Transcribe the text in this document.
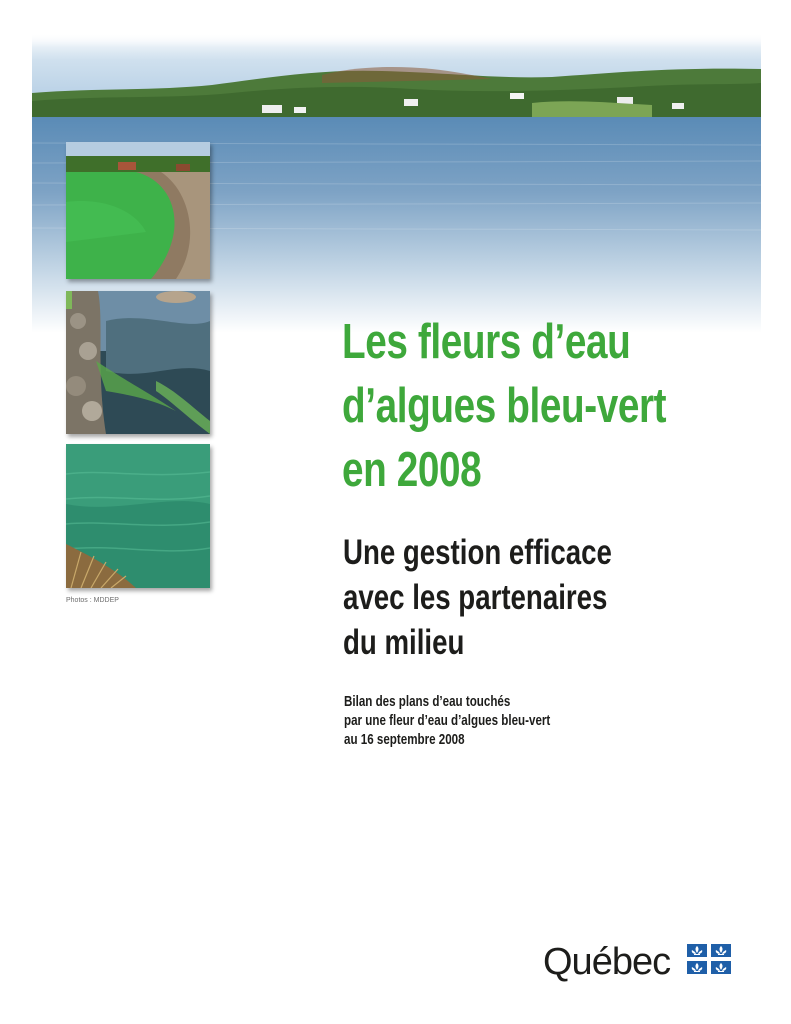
Photos : MDDEP
Les fleurs d’eau
d’algues bleu-vert
en 2008
Une gestion efficace
avec les partenaires
du milieu

Bilan des plans d’eau touchés
par une fleur d’eau d’algues bleu-vert
au 16 septembre 2008

Québec
